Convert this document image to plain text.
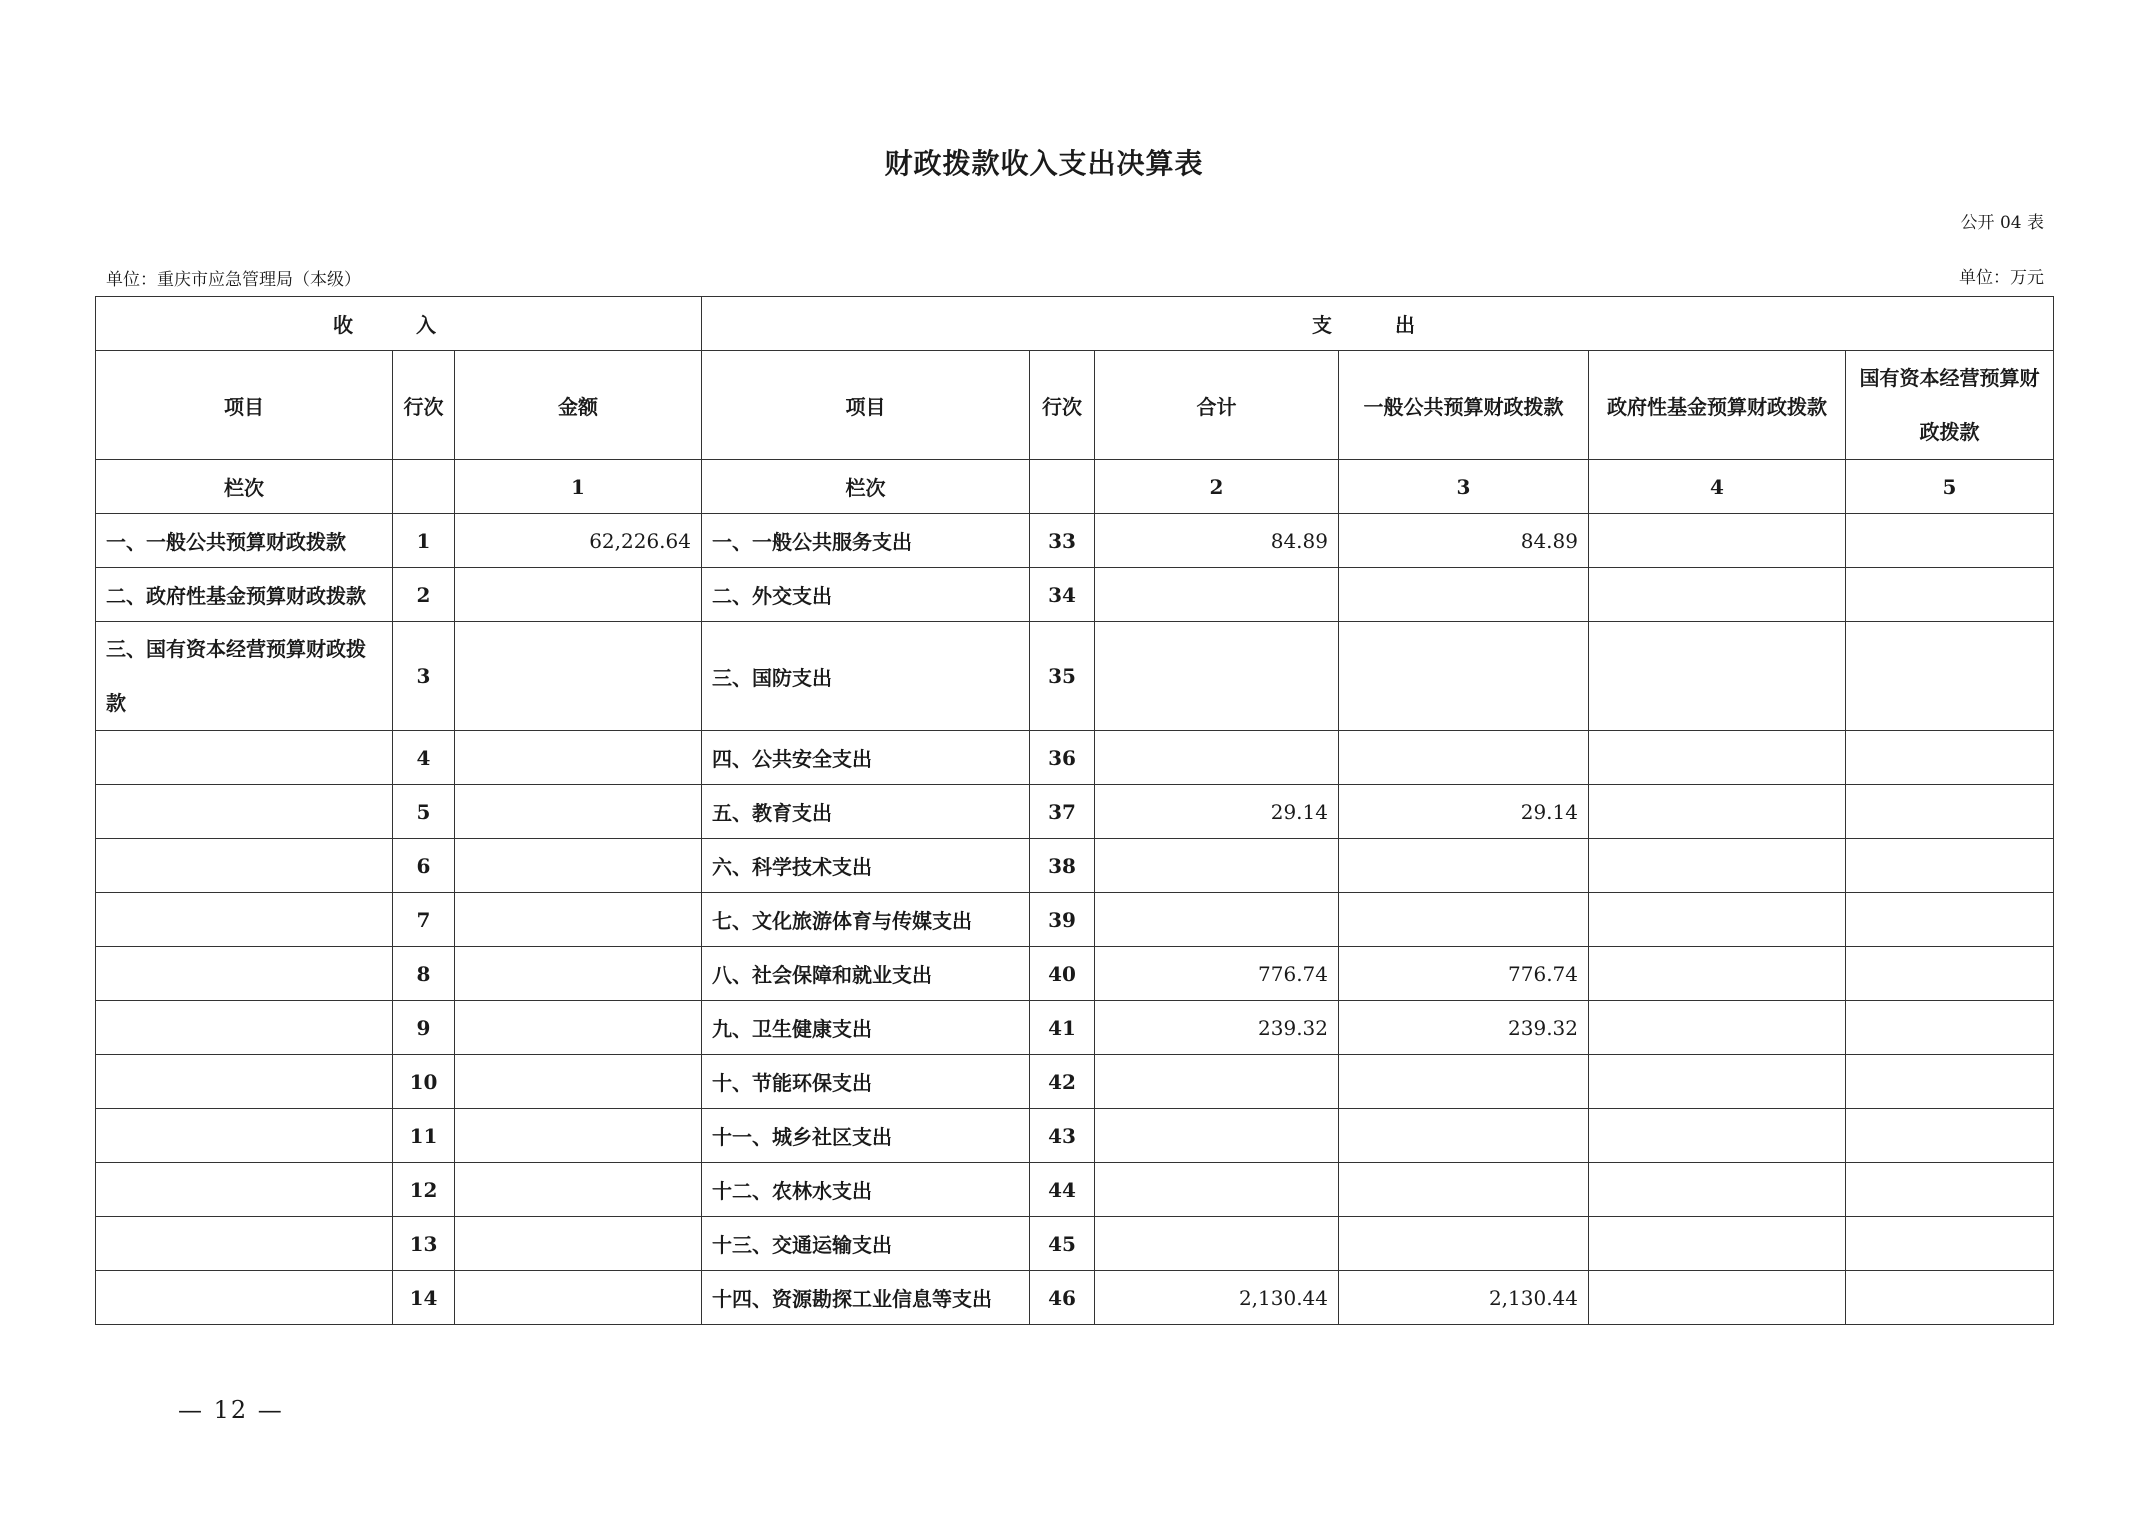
财政拨款收入支出决算表
公开 04 表
单位：重庆市应急管理局（本级）	单位：万元
收 入			支 出					
项目	行次	金额	项目	行次	合计	一般公共预算财政拨款	政府性基金预算财政拨款	国有资本经营预算财政拨款
栏次		1	栏次		2	3	4	5
一、一般公共预算财政拨款	1	62,226.64	一、一般公共服务支出	33	84.89	84.89		
二、政府性基金预算财政拨款	2		二、外交支出	34				
三、国有资本经营预算财政拨款	3		三、国防支出	35				
	4		四、公共安全支出	36				
	5		五、教育支出	37	29.14	29.14		
	6		六、科学技术支出	38				
	7		七、文化旅游体育与传媒支出	39				
	8		八、社会保障和就业支出	40	776.74	776.74		
	9		九、卫生健康支出	41	239.32	239.32		
	10		十、节能环保支出	42				
	11		十一、城乡社区支出	43				
	12		十二、农林水支出	44				
	13		十三、交通运输支出	45				
	14		十四、资源勘探工业信息等支出	46	2,130.44	2,130.44		
— 12 —
